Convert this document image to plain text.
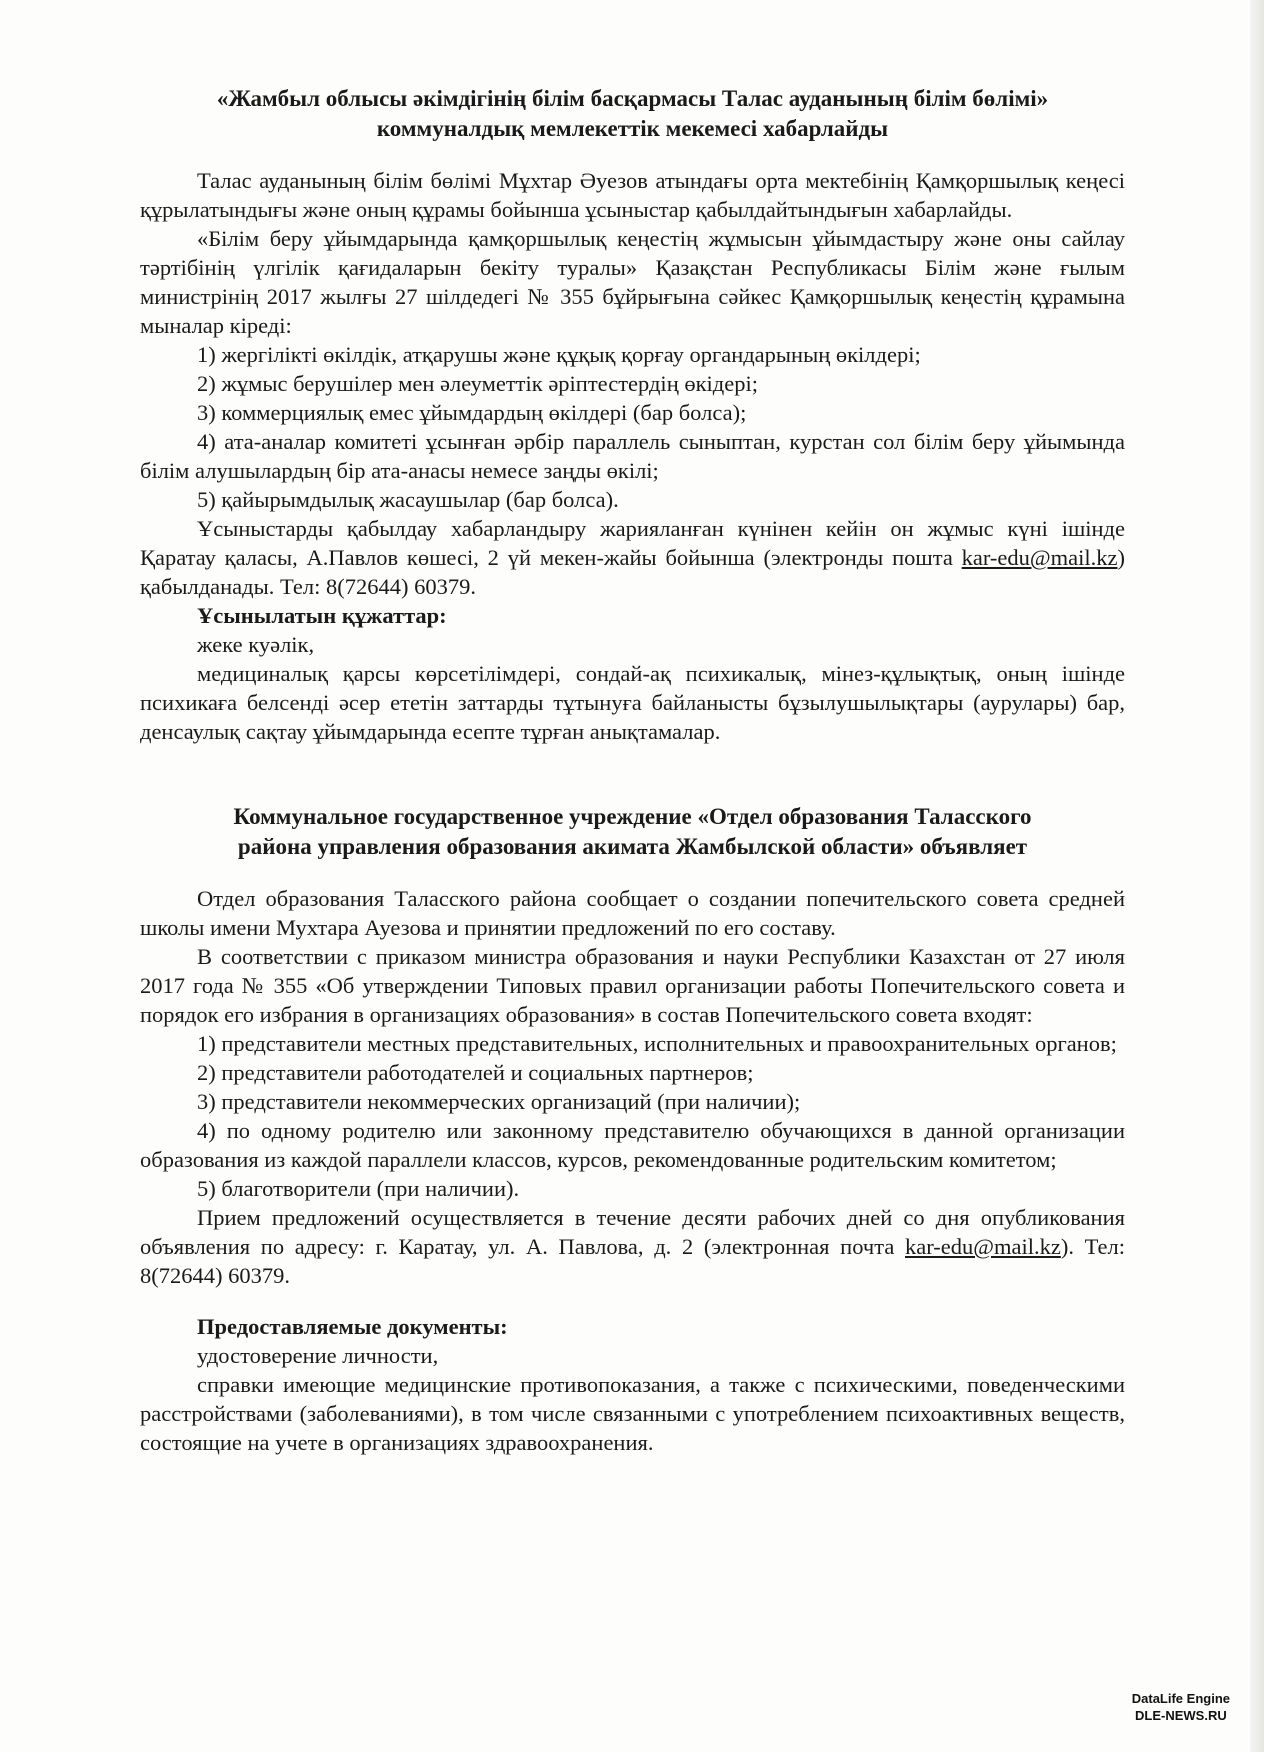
«Жамбыл облысы әкімдігінің білім басқармасы Талас ауданының білім бөлімі»
коммуналдық мемлекеттік мекемесі хабарлайды

Талас ауданының білім бөлімі Мұхтар Әуезов атындағы орта мектебінің Қамқоршылық кеңесі құрылатындығы және оның құрамы бойынша ұсыныстар қабылдайтындығын хабарлайды.

«Білім беру ұйымдарында қамқоршылық кеңестің жұмысын ұйымдастыру және оны сайлау тәртібінің үлгілік қағидаларын бекіту туралы» Қазақстан Республикасы Білім және ғылым министрінің 2017 жылғы 27 шілдедегі № 355 бұйрығына сәйкес Қамқоршылық кеңестің құрамына мыналар кіреді:

1) жергілікті өкілдік, атқарушы және құқық қорғау органдарының өкілдері;

2) жұмыс берушілер мен әлеуметтік әріптестердің өкідері;

3) коммерциялық емес ұйымдардың өкілдері (бар болса);

4) ата-аналар комитеті ұсынған әрбір параллель сыныптан, курстан сол білім беру ұйымында білім алушылардың бір ата-анасы немесе заңды өкілі;

5) қайырымдылық жасаушылар (бар болса).

Ұсыныстарды қабылдау хабарландыру жарияланған күнінен кейін он жұмыс күні ішінде Қаратау қаласы, А.Павлов көшесі, 2 үй мекен-жайы бойынша (электронды пошта kar-edu@mail.kz) қабылданады. Тел: 8(72644) 60379.

Ұсынылатын құжаттар:

жеке куәлік,

медициналық қарсы көрсетілімдері, сондай-ақ психикалық, мінез-құлықтық, оның ішінде психикаға белсенді әсер ететін заттарды тұтынуға байланысты бұзылушылықтары (аурулары) бар, денсаулық сақтау ұйымдарында есепте тұрған анықтамалар.

Коммунальное государственное учреждение «Отдел образования Таласского
района управления образования акимата Жамбылской области» объявляет

Отдел образования Таласского района сообщает о создании попечительского совета средней школы имени Мухтара Ауезова и принятии предложений по его составу.

В соответствии с приказом министра образования и науки Республики Казахстан от 27 июля 2017 года № 355 «Об утверждении Типовых правил организации работы Попечительского совета и порядок его избрания в организациях образования» в состав Попечительского совета входят:

1) представители местных представительных, исполнительных и правоохранительных органов;

2) представители работодателей и социальных партнеров;

3) представители некоммерческих организаций (при наличии);

4) по одному родителю или законному представителю обучающихся в данной организации образования из каждой параллели классов, курсов, рекомендованные родительским комитетом;

5) благотворители (при наличии).

Прием предложений осуществляется в течение десяти рабочих дней со дня опубликования объявления по адресу: г. Каратау, ул. А. Павлова, д. 2 (электронная почта kar-edu@mail.kz). Тел: 8(72644) 60379.

Предоставляемые документы:

удостоверение личности,

справки имеющие медицинские противопоказания, а также с психическими, поведенческими расстройствами (заболеваниями), в том числе связанными с употреблением психоактивных веществ, состоящие на учете в организациях здравоохранения.

DataLife Engine
DLE-NEWS.RU
